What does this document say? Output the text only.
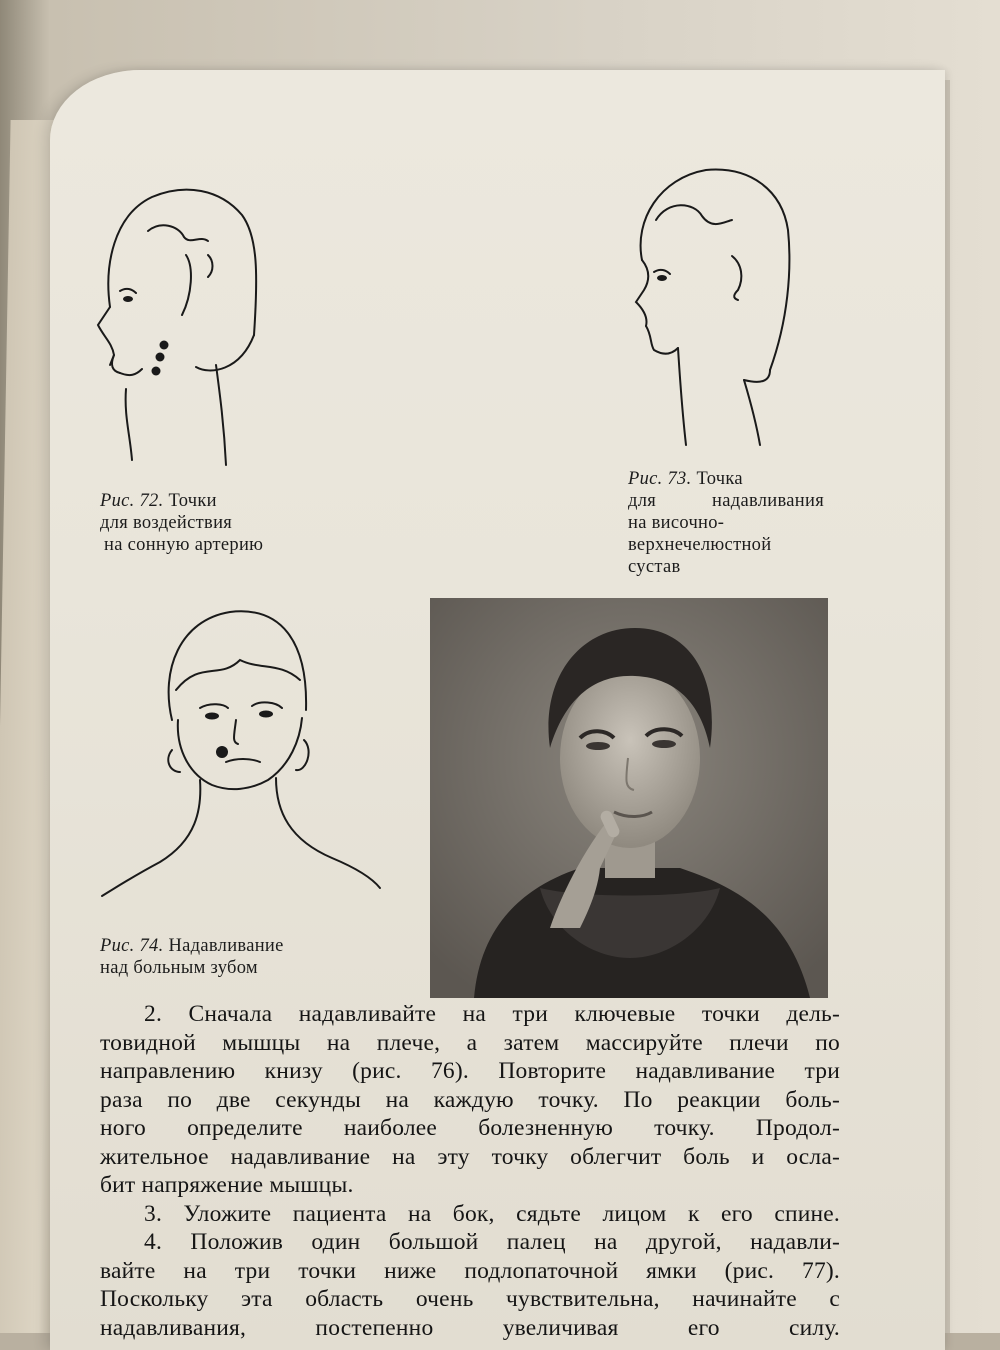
Рис. 72. Точки
для воздействия
на сонную артерию
Рис. 73. Точка
для надавливания
на височно-
верхнечелюстной
сустав
Рис. 74. Надавливание
над больным зубом
2. Сначала надавливайте на три ключевые точки дель-
товидной мышцы на плече, а затем массируйте плечи по
направлению книзу (рис. 76). Повторите надавливание три
раза по две секунды на каждую точку. По реакции боль-
ного определите наиболее болезненную точку. Продол-
жительное надавливание на эту точку облегчит боль и осла-
бит напряжение мышцы.
3. Уложите пациента на бок, сядьте лицом к его спине.
4. Положив один большой палец на другой, надавли-
вайте на три точки ниже подлопаточной ямки (рис. 77).
Поскольку эта область очень чувствительна, начинайте с
надавливания, постепенно увеличивая его силу.
